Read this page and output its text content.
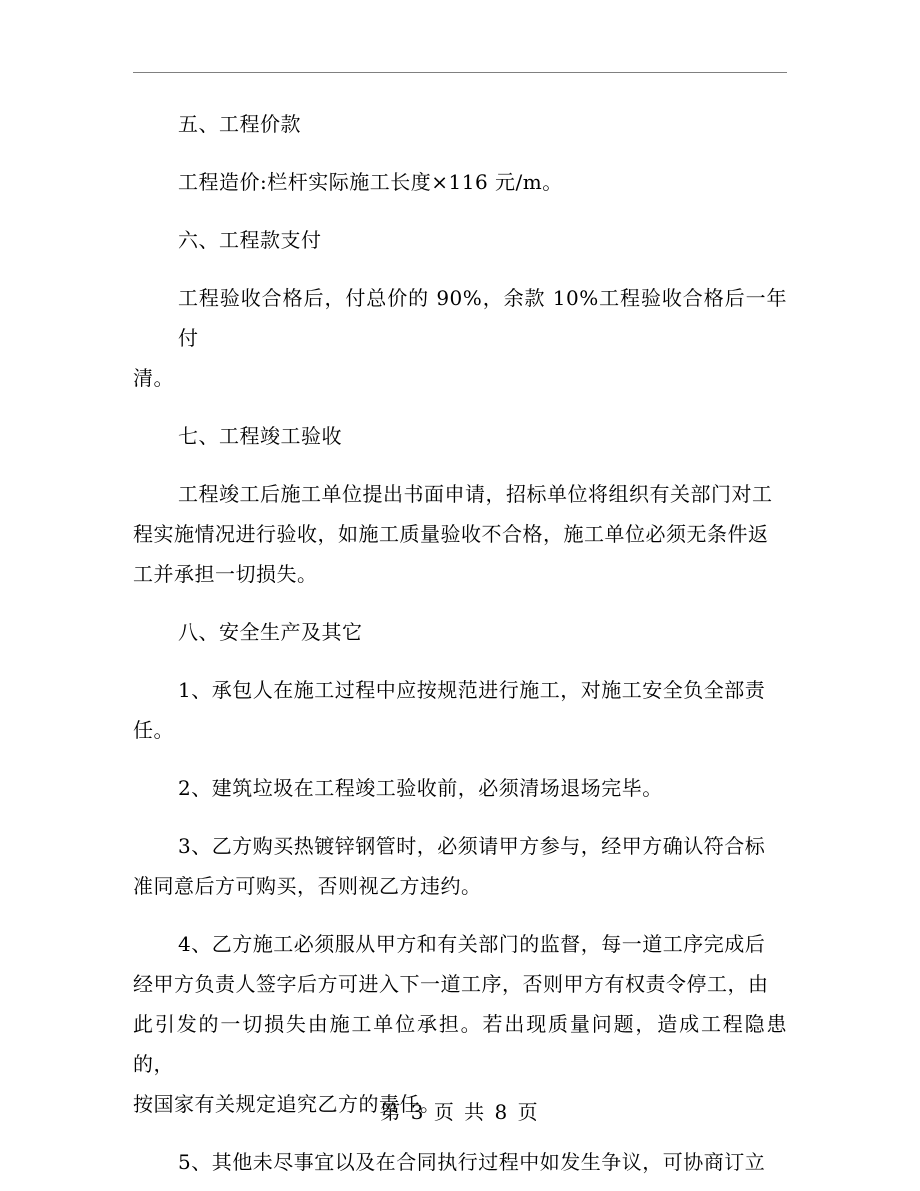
五、工程价款

工程造价:栏杆实际施工长度×116 元/m。

六、工程款支付

工程验收合格后，付总价的 90%，余款 10%工程验收合格后一年付
清。

七、工程竣工验收

工程竣工后施工单位提出书面申请，招标单位将组织有关部门对工
程实施情况进行验收，如施工质量验收不合格，施工单位必须无条件返
工并承担一切损失。

八、安全生产及其它

1、承包人在施工过程中应按规范进行施工，对施工安全负全部责
任。

2、建筑垃圾在工程竣工验收前，必须清场退场完毕。

3、乙方购买热镀锌钢管时，必须请甲方参与，经甲方确认符合标
准同意后方可购买，否则视乙方违约。

4、乙方施工必须服从甲方和有关部门的监督，每一道工序完成后
经甲方负责人签字后方可进入下一道工序，否则甲方有权责令停工，由
此引发的一切损失由施工单位承担。若出现质量问题，造成工程隐患的，
按国家有关规定追究乙方的责任。

5、其他未尽事宜以及在合同执行过程中如发生争议，可协商订立

第 3 页 共 8 页
